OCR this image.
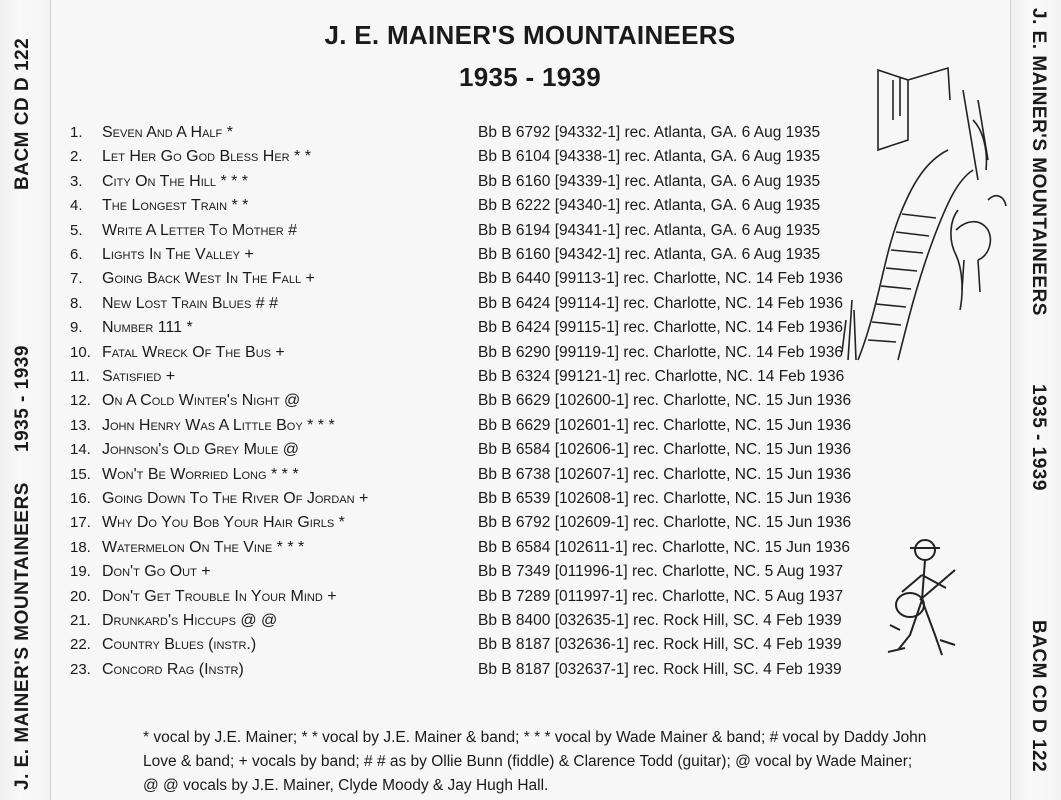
J. E. MAINER'S MOUNTAINEERS
1935 - 1939
BACM CD D 122	J. E. MAINER'S MOUNTAINEERS
1935 - 1939
BACM CD D 122
J. E. MAINER'S MOUNTAINEERS
1935 - 1939
1.	Seven And A Half *	Bb B 6792 [94332-1] rec. Atlanta, GA. 6 Aug 1935
2.	Let Her Go God Bless Her * *	Bb B 6104 [94338-1] rec. Atlanta, GA. 6 Aug 1935
3.	City On The Hill * * *	Bb B 6160 [94339-1] rec. Atlanta, GA. 6 Aug 1935
4.	The Longest Train * *	Bb B 6222 [94340-1] rec. Atlanta, GA. 6 Aug 1935
5.	Write A Letter To Mother #	Bb B 6194 [94341-1] rec. Atlanta, GA. 6 Aug 1935
6.	Lights In The Valley +	Bb B 6160 [94342-1] rec. Atlanta, GA. 6 Aug 1935
7.	Going Back West In The Fall +	Bb B 6440 [99113-1] rec. Charlotte, NC. 14 Feb 1936
8.	New Lost Train Blues # #	Bb B 6424 [99114-1] rec. Charlotte, NC. 14 Feb 1936
9.	Number 111 *	Bb B 6424 [99115-1] rec. Charlotte, NC. 14 Feb 1936
10. Fatal Wreck Of The Bus +	Bb B 6290 [99119-1] rec. Charlotte, NC. 14 Feb 1936
11. Satisfied +	Bb B 6324 [99121-1] rec. Charlotte, NC. 14 Feb 1936
12. On A Cold Winter's Night @	Bb B 6629 [102600-1] rec. Charlotte, NC. 15 Jun 1936
13. John Henry Was A Little Boy * * *	Bb B 6629 [102601-1] rec. Charlotte, NC. 15 Jun 1936
14. Johnson's Old Grey Mule @	Bb B 6584 [102606-1] rec. Charlotte, NC. 15 Jun 1936
15. Won't Be Worried Long * * *	Bb B 6738 [102607-1] rec. Charlotte, NC. 15 Jun 1936
16. Going Down To The River Of Jordan +	Bb B 6539 [102608-1] rec. Charlotte, NC. 15 Jun 1936
17. Why Do You Bob Your Hair Girls *	Bb B 6792 [102609-1] rec. Charlotte, NC. 15 Jun 1936
18. Watermelon On The Vine * * *	Bb B 6584 [102611-1] rec. Charlotte, NC. 15 Jun 1936
19. Don't Go Out +	Bb B 7349 [011996-1] rec. Charlotte, NC. 5 Aug 1937
20. Don't Get Trouble In Your Mind +	Bb B 7289 [011997-1] rec. Charlotte, NC. 5 Aug 1937
21. Drunkard's Hiccups @ @	Bb B 8400 [032635-1] rec. Rock Hill, SC. 4 Feb 1939
22. Country Blues (instr.)	Bb B 8187 [032636-1] rec. Rock Hill, SC. 4 Feb 1939
23. Concord Rag (Instr)	Bb B 8187 [032637-1] rec. Rock Hill, SC. 4 Feb 1939
* vocal by J.E. Mainer; * * vocal by J.E. Mainer & band; * * * vocal by Wade Mainer & band; # vocal by Daddy John
Love & band; + vocals by band; # # as by Ollie Bunn (fiddle) & Clarence Todd (guitar); @ vocal by Wade Mainer;
@ @ vocals by J.E. Mainer, Clyde Moody & Jay Hugh Hall.
